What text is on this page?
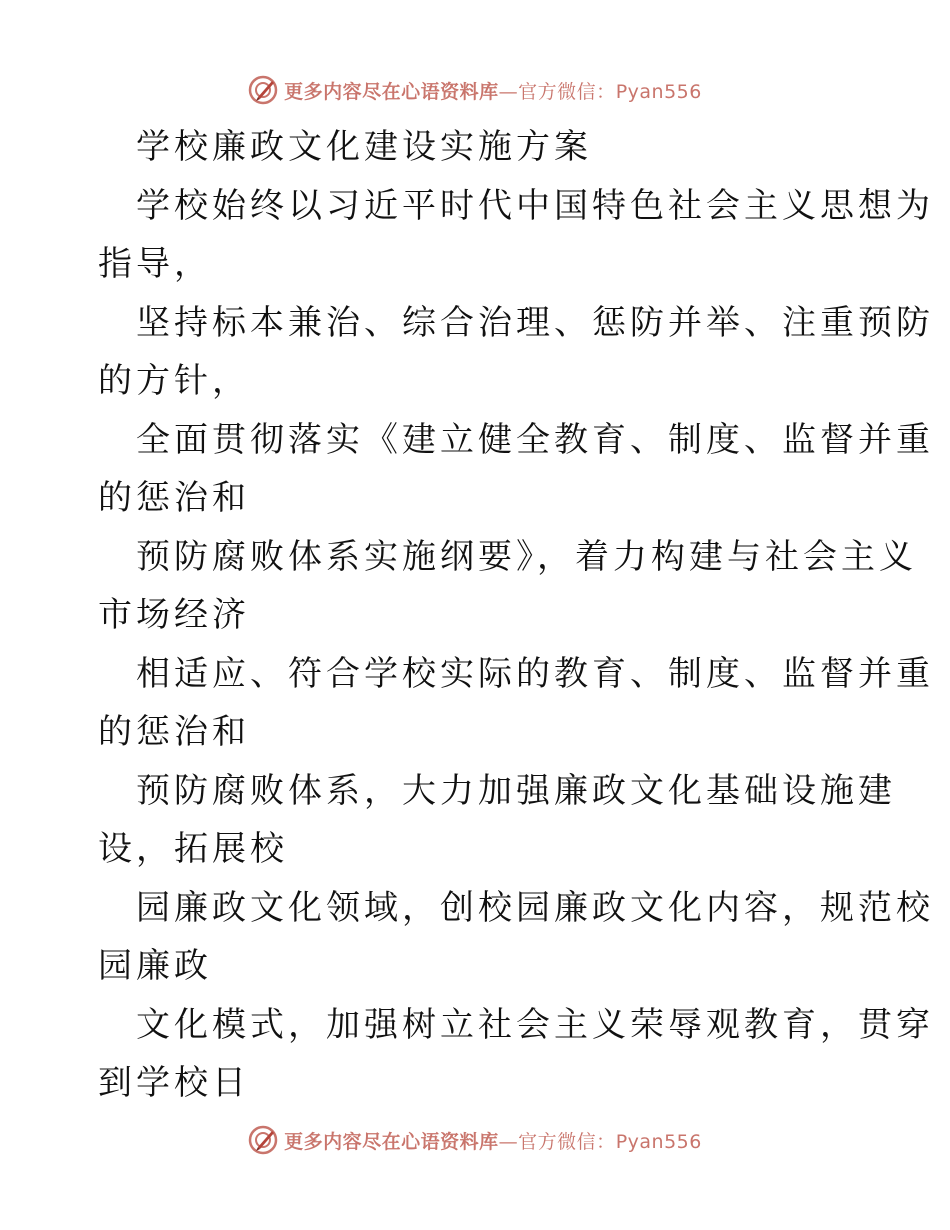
更多内容尽在心语资料库—官方微信：Pyan556
学校廉政文化建设实施方案
学校始终以习近平时代中国特色社会主义思想为
指导，
坚持标本兼治、综合治理、惩防并举、注重预防
的方针，
全面贯彻落实《建立健全教育、制度、监督并重
的惩治和
预防腐败体系实施纲要》，着力构建与社会主义
市场经济
相适应、符合学校实际的教育、制度、监督并重
的惩治和
预防腐败体系，大力加强廉政文化基础设施建
设，拓展校
园廉政文化领域，创校园廉政文化内容，规范校
园廉政
文化模式，加强树立社会主义荣辱观教育，贯穿
到学校日
更多内容尽在心语资料库—官方微信：Pyan556
